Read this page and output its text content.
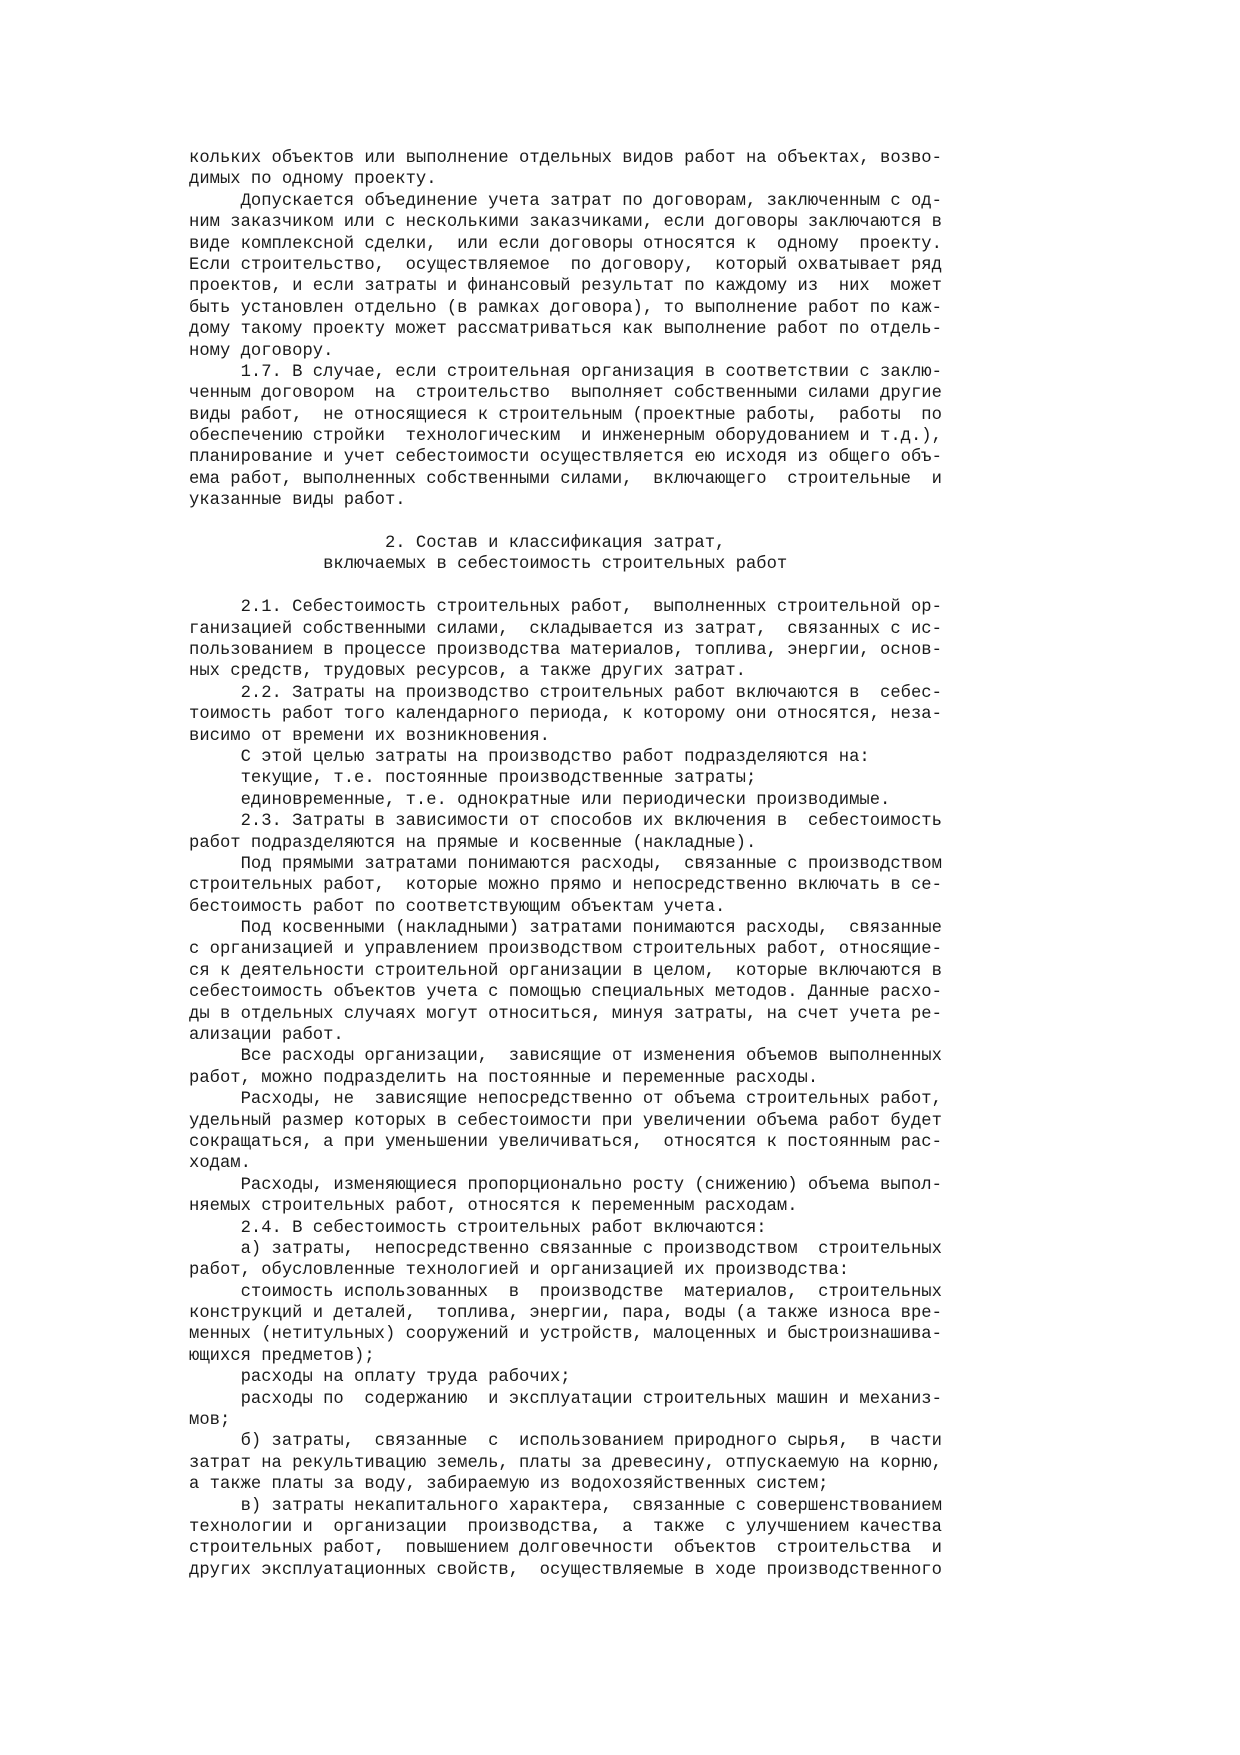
кольких объектов или выполнение отдельных видов работ на объектах, возво-
димых по одному проекту.
Допускается объединение учета затрат по договорам, заключенным с од-
ним заказчиком или с несколькими заказчиками, если договоры заключаются в
виде комплексной сделки,  или если договоры относятся к  одному  проекту.
Если строительство,  осуществляемое  по договору,  который охватывает ряд
проектов, и если затраты и финансовый результат по каждому из  них  может
быть установлен отдельно (в рамках договора), то выполнение работ по каж-
дому такому проекту может рассматриваться как выполнение работ по отдель-
ному договору.
1.7. В случае, если строительная организация в соответствии с заклю-
ченным договором  на  строительство  выполняет собственными силами другие
виды работ,  не относящиеся к строительным (проектные работы,  работы  по
обеспечению стройки  технологическим  и инженерным оборудованием и т.д.),
планирование и учет себестоимости осуществляется ею исходя из общего объ-
ема работ, выполненных собственными силами,  включающего  строительные  и
указанные виды работ.
2. Состав и классификация затрат,
включаемых в себестоимость строительных работ
2.1. Себестоимость строительных работ,  выполненных строительной ор-
ганизацией собственными силами,  складывается из затрат,  связанных с ис-
пользованием в процессе производства материалов, топлива, энергии, основ-
ных средств, трудовых ресурсов, а также других затрат.
2.2. Затраты на производство строительных работ включаются в  себес-
тоимость работ того календарного периода, к которому они относятся, неза-
висимо от времени их возникновения.
С этой целью затраты на производство работ подразделяются на:
текущие, т.е. постоянные производственные затраты;
единовременные, т.е. однократные или периодически производимые.
2.3. Затраты в зависимости от способов их включения в  себестоимость
работ подразделяются на прямые и косвенные (накладные).
Под прямыми затратами понимаются расходы,  связанные с производством
строительных работ,  которые можно прямо и непосредственно включать в се-
бестоимость работ по соответствующим объектам учета.
Под косвенными (накладными) затратами понимаются расходы,  связанные
с организацией и управлением производством строительных работ, относящие-
ся к деятельности строительной организации в целом,  которые включаются в
себестоимость объектов учета с помощью специальных методов. Данные расхо-
ды в отдельных случаях могут относиться, минуя затраты, на счет учета ре-
ализации работ.
Все расходы организации,  зависящие от изменения объемов выполненных
работ, можно подразделить на постоянные и переменные расходы.
Расходы, не  зависящие непосредственно от объема строительных работ,
удельный размер которых в себестоимости при увеличении объема работ будет
сокращаться, а при уменьшении увеличиваться,  относятся к постоянным рас-
ходам.
Расходы, изменяющиеся пропорционально росту (снижению) объема выпол-
няемых строительных работ, относятся к переменным расходам.
2.4. В себестоимость строительных работ включаются:
а) затраты,  непосредственно связанные с производством  строительных
работ, обусловленные технологией и организацией их производства:
стоимость использованных  в  производстве  материалов,  строительных
конструкций и деталей,  топлива, энергии, пара, воды (а также износа вре-
менных (нетитульных) сооружений и устройств, малоценных и быстроизнашива-
ющихся предметов);
расходы на оплату труда рабочих;
расходы по  содержанию  и эксплуатации строительных машин и механиз-
мов;
б) затраты,  связанные  с  использованием природного сырья,  в части
затрат на рекультивацию земель, платы за древесину, отпускаемую на корню,
а также платы за воду, забираемую из водохозяйственных систем;
в) затраты некапитального характера,  связанные с совершенствованием
технологии и  организации  производства,  а  также  с улучшением качества
строительных работ,  повышением долговечности  объектов  строительства  и
других эксплуатационных свойств,  осуществляемые в ходе производственного
